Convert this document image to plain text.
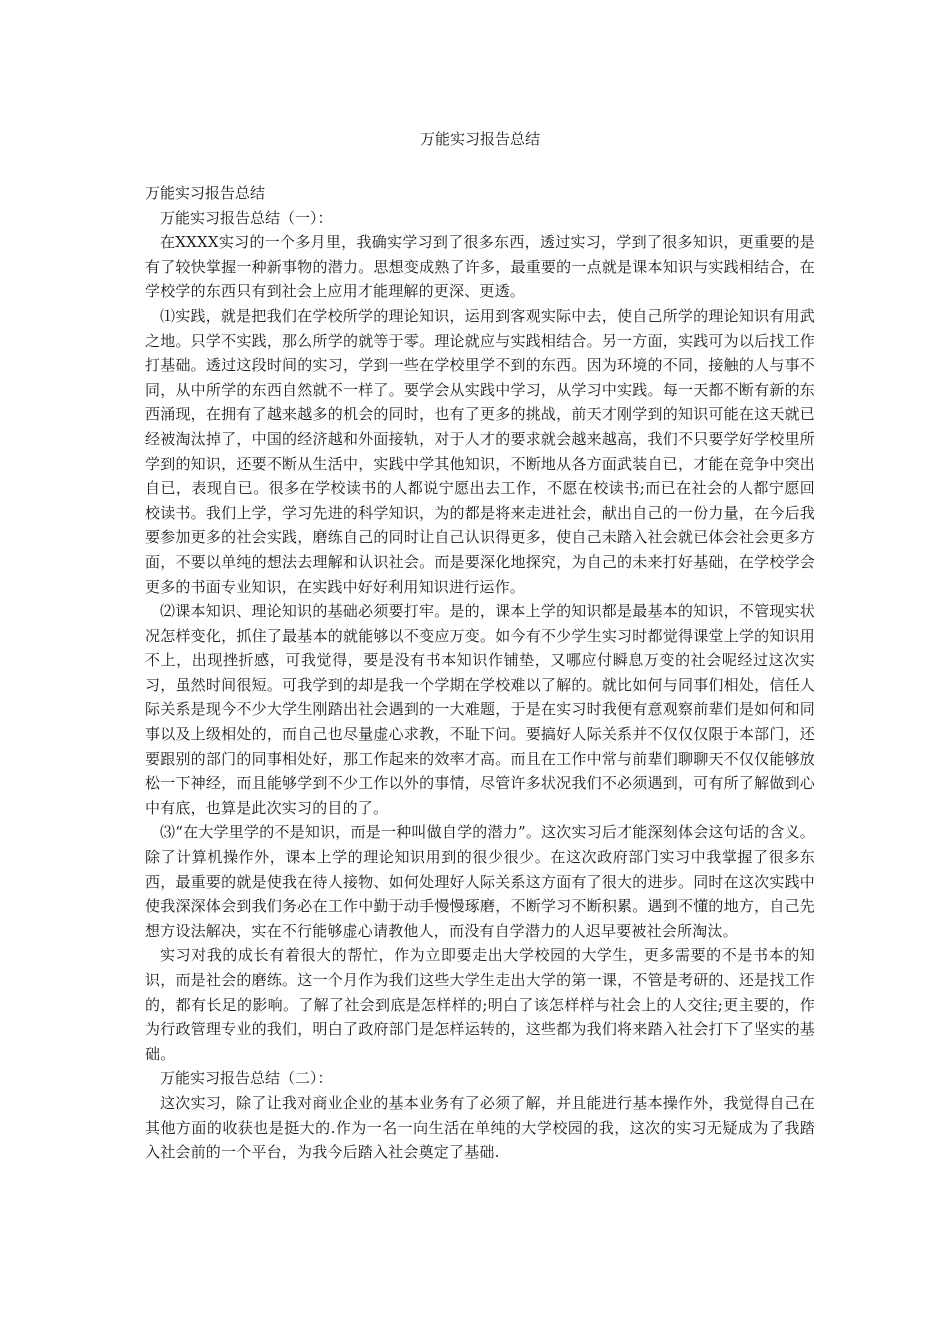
万能实习报告总结

万能实习报告总结

万能实习报告总结（一）：

在XXXX实习的一个多月里，我确实学习到了很多东西，透过实习，学到了很多知识，更重要的是有了较快掌握一种新事物的潜力。思想变成熟了许多，最重要的一点就是课本知识与实践相结合，在学校学的东西只有到社会上应用才能理解的更深、更透。

⑴实践，就是把我们在学校所学的理论知识，运用到客观实际中去，使自己所学的理论知识有用武之地。只学不实践，那么所学的就等于零。理论就应与实践相结合。另一方面，实践可为以后找工作打基础。透过这段时间的实习，学到一些在学校里学不到的东西。因为环境的不同，接触的人与事不同，从中所学的东西自然就不一样了。要学会从实践中学习，从学习中实践。每一天都不断有新的东西涌现，在拥有了越来越多的机会的同时，也有了更多的挑战，前天才刚学到的知识可能在这天就已经被淘汰掉了，中国的经济越和外面接轨，对于人才的要求就会越来越高，我们不只要学好学校里所学到的知识，还要不断从生活中，实践中学其他知识，不断地从各方面武装自已，才能在竞争中突出自已，表现自已。很多在学校读书的人都说宁愿出去工作，不愿在校读书;而已在社会的人都宁愿回校读书。我们上学，学习先进的科学知识，为的都是将来走进社会，献出自己的一份力量，在今后我要参加更多的社会实践，磨练自己的同时让自己认识得更多，使自己未踏入社会就已体会社会更多方面，不要以单纯的想法去理解和认识社会。而是要深化地探究，为自己的未来打好基础，在学校学会更多的书面专业知识，在实践中好好利用知识进行运作。

⑵课本知识、理论知识的基础必须要打牢。是的，课本上学的知识都是最基本的知识，不管现实状况怎样变化，抓住了最基本的就能够以不变应万变。如今有不少学生实习时都觉得课堂上学的知识用不上，出现挫折感，可我觉得，要是没有书本知识作铺垫，又哪应付瞬息万变的社会呢经过这次实习，虽然时间很短。可我学到的却是我一个学期在学校难以了解的。就比如何与同事们相处，信任人际关系是现今不少大学生刚踏出社会遇到的一大难题，于是在实习时我便有意观察前辈们是如何和同事以及上级相处的，而自己也尽量虚心求教，不耻下问。要搞好人际关系并不仅仅仅限于本部门，还要跟别的部门的同事相处好，那工作起来的效率才高。而且在工作中常与前辈们聊聊天不仅仅能够放松一下神经，而且能够学到不少工作以外的事情，尽管许多状况我们不必须遇到，可有所了解做到心中有底，也算是此次实习的目的了。

⑶“在大学里学的不是知识，而是一种叫做自学的潜力”。这次实习后才能深刻体会这句话的含义。除了计算机操作外，课本上学的理论知识用到的很少很少。在这次政府部门实习中我掌握了很多东西，最重要的就是使我在待人接物、如何处理好人际关系这方面有了很大的进步。同时在这次实践中使我深深体会到我们务必在工作中勤于动手慢慢琢磨，不断学习不断积累。遇到不懂的地方，自己先想方设法解决，实在不行能够虚心请教他人，而没有自学潜力的人迟早要被社会所淘汰。

实习对我的成长有着很大的帮忙，作为立即要走出大学校园的大学生，更多需要的不是书本的知识，而是社会的磨练。这一个月作为我们这些大学生走出大学的第一课，不管是考研的、还是找工作的，都有长足的影响。了解了社会到底是怎样样的;明白了该怎样样与社会上的人交往;更主要的，作为行政管理专业的我们，明白了政府部门是怎样运转的，这些都为我们将来踏入社会打下了坚实的基础。

万能实习报告总结（二）：

这次实习，除了让我对商业企业的基本业务有了必须了解，并且能进行基本操作外，我觉得自己在其他方面的收获也是挺大的.作为一名一向生活在单纯的大学校园的我，这次的实习无疑成为了我踏入社会前的一个平台，为我今后踏入社会奠定了基础.
